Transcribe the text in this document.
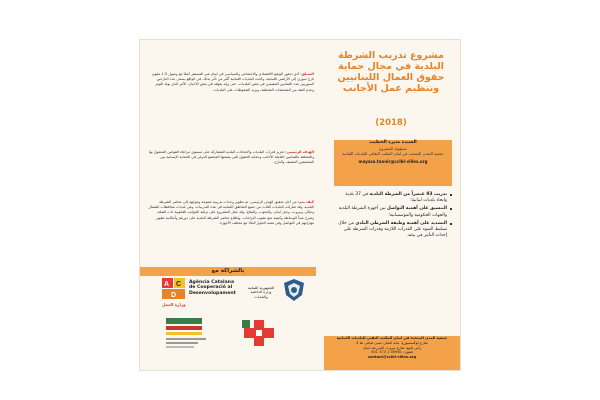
السياق: أدى تدهور الوضع الاقتصادي والاجتماعي والسياسي في لبنان غير المستقر أصلاً مع وصول 1.5 مليون نازح سوري إلى الأراضي اللبنانية، وكانت البلديات اللبنانية أكثر من تأثر بذلك، في الواقع يسعى عدد النازحين السوريين عدد اللبنانيين المقيمين في بعض البلديات، حتى وإنه يفوقه في بعض الأحيان، الأمر الذي يولد التوتر وعدم الثقة بين المجتمعات المختلفة، ويزيد الضغوطات على البلديات.

الهدف الرئيسي: تعزيز قدرات البلديات والاتحادات البلدية للمشاركة على مستوى مراعاة القوانين المعمول بها والمتعلقة باللبنانيين العاملة الأجانب وحماية الحقوق التي يضمنها المجتمع الدولي في الحماية الإنسانية بين المجتمعين المضيف والنازح.

كيف يتم: من أجل تحقيق الهدف الرئيسي، تم تطوير وحدات تدريبية متنوعة وموجهة إلى عناصر الشرطة البلدية، وقد شاركت البلديات الثلاث من جميع المناطق اللبنانية في هذه التدريبات، وهي بلديات محافظات الشمال وعكار، وبيروت، وجبل لبنان، والجنوب، والبقاع، وقد عمل المشروع على ترقية الجوانب القانونية ذات الصلة، وشرح مبدأ الوساطة وكيفية منع نشوب النزاعات، وإطلاع عناصر الشرطة البلدية على دورهم وأمكانية تطوير مهاراتهم في التواصل وفي تنمية الحوار البنّاء مع مختلف الأجهزة.

بالشراكة مع
A C
D
Agència Catalana de Cooperació al Desenvolupament
وزارة العمل
الجمهورية اللبنانية وزارة الداخلية والبلديات
مشروع تدريب الشرطة البلدية في مجال حماية حقوق العمال اللبنانيين وتنظيم عمل الأجانب
(2018)
السيدة منيرة الخطيب
مسؤولة المشروع
جمعية التمدن المنتخب في لبنان المكتب الثقافي للبلديات اللبنانية
mayssa.tannir@cclbl-villes.org
تدريب 93 عنصراً من الشرطة البلدية في 37 بلدية واتحاد بلديات لبنانية؛
التنسيق على أهمية التواصل بين أجهزة الشرطة البلدية والجهات الحكومية والمؤسساتية؛
التشديد على أهمية وظيفة الشرطي البلدي من خلال تسليط الضوء على القدرات اللازمة وقدرات الشرطة على إحداث التأثير في بيئته.
جمعية المدن المتحدة في لبنان المكتب التقني للبلديات اللبنانية
شارع لوكسمبورغ، بناية النجار، مبنى ضاهر، ط 4
رأس النبع، شارع بيروت، المزرعة، لبنان
تلفون: 00961 1 373 301
contact@cclbl-villes.org
